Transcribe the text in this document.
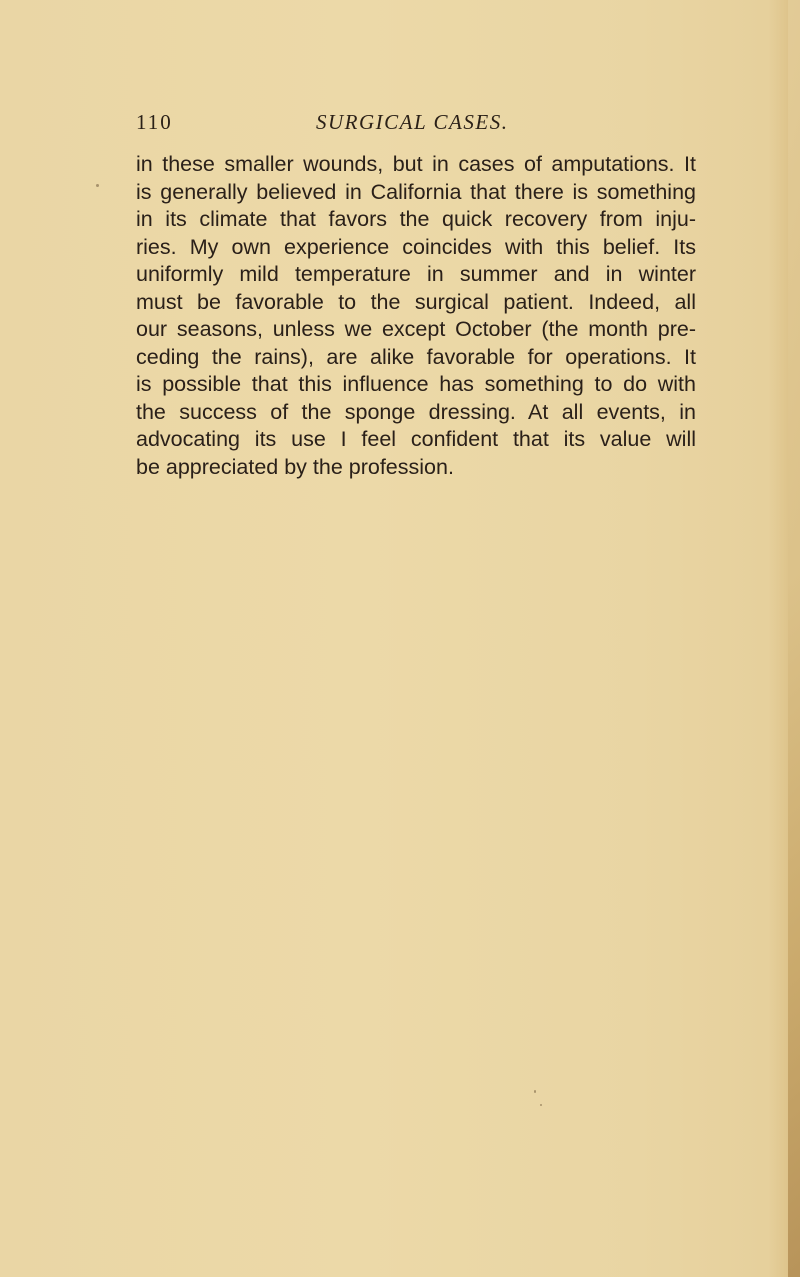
110	SURGICAL CASES.
in these smaller wounds, but in cases of amputations. It
is generally believed in California that there is something
in its climate that favors the quick recovery from inju-
ries. My own experience coincides with this belief. Its
uniformly mild temperature in summer and in winter
must be favorable to the surgical patient. Indeed, all
our seasons, unless we except October (the month pre-
ceding the rains), are alike favorable for operations. It
is possible that this influence has something to do with
the success of the sponge dressing. At all events, in
advocating its use I feel confident that its value will
be appreciated by the profession.
